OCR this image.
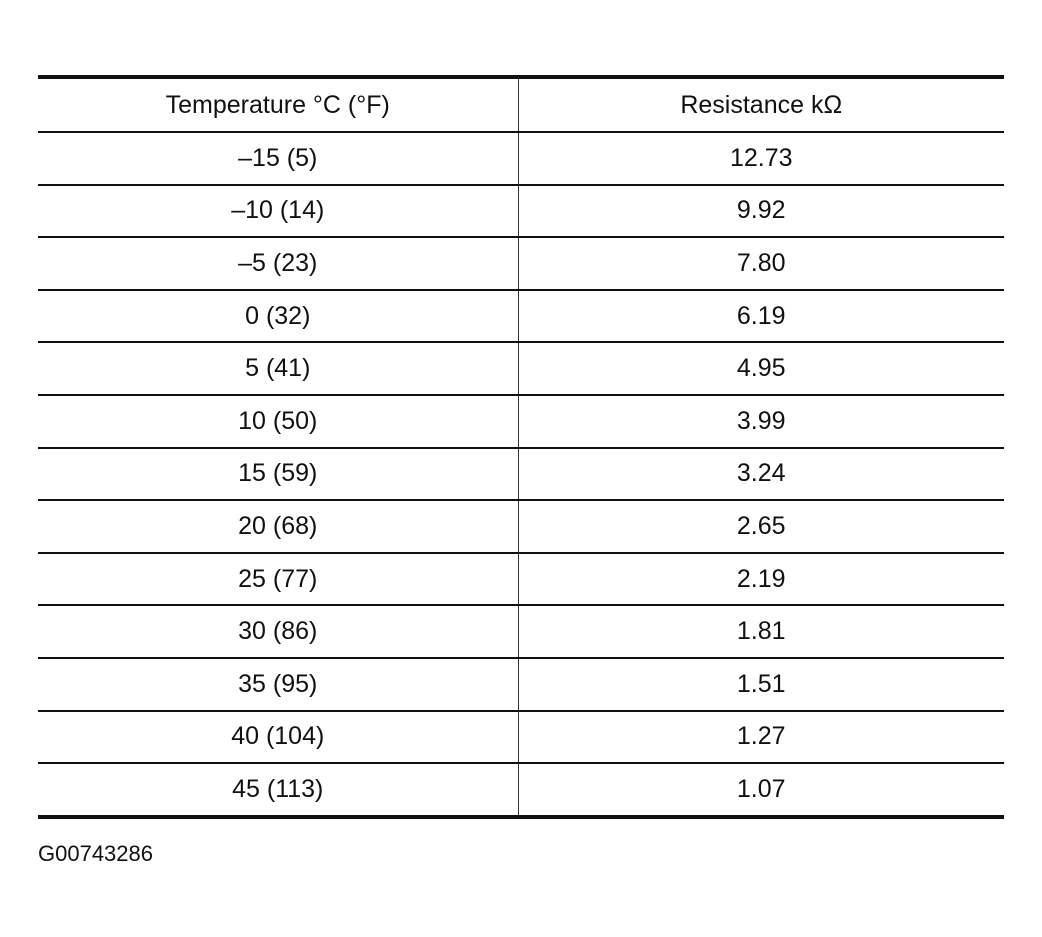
Temperature °C (°F)	Resistance kΩ
–15 (5)	12.73
–10 (14)	9.92
–5 (23)	7.80
0 (32)	6.19
5 (41)	4.95
10 (50)	3.99
15 (59)	3.24
20 (68)	2.65
25 (77)	2.19
30 (86)	1.81
35 (95)	1.51
40 (104)	1.27
45 (113)	1.07
G00743286
